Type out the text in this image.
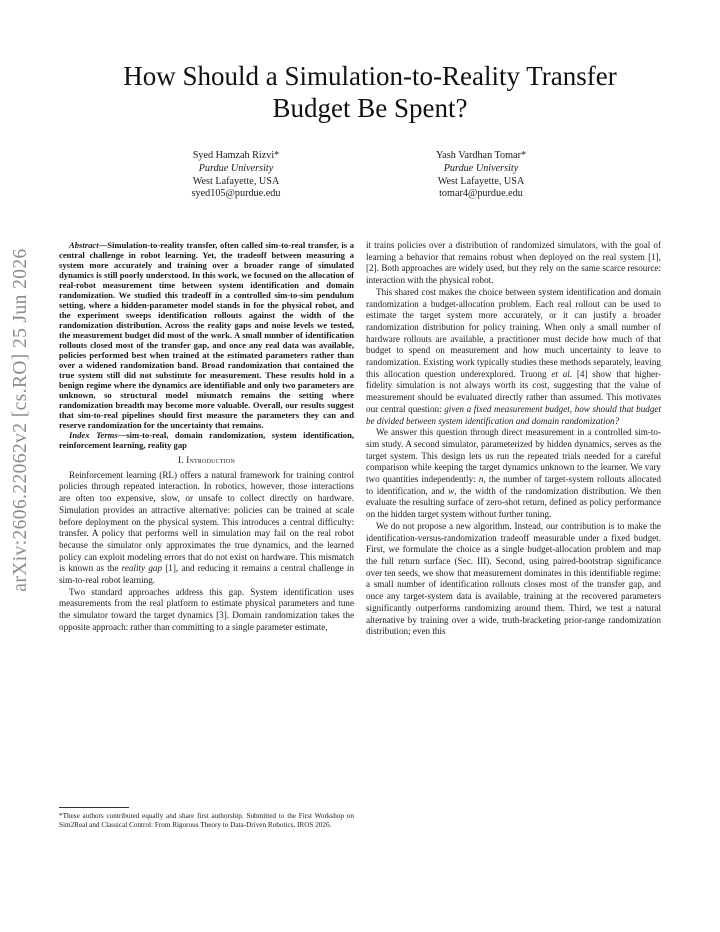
arXiv:2606.22062v2 [cs.RO] 25 Jun 2026
How Should a Simulation-to-Reality Transfer
Budget Be Spent?
Syed Hamzah Rizvi*
Purdue University
West Lafayette, USA
syed105@purdue.edu
Yash Vardhan Tomar*
Purdue University
West Lafayette, USA
tomar4@purdue.edu

Abstract—Simulation-to-reality transfer, often called sim-to-real transfer, is a central challenge in robot learning. Yet, the tradeoff between measuring a system more accurately and training over a broader range of simulated dynamics is still poorly understood. In this work, we focused on the allocation of real-robot measurement time between system identification and domain randomization. We studied this tradeoff in a controlled sim-to-sim pendulum setting, where a hidden-parameter model stands in for the physical robot, and the experiment sweeps identification rollouts against the width of the randomization distribution. Across the reality gaps and noise levels we tested, the measurement budget did most of the work. A small number of identification rollouts closed most of the transfer gap, and once any real data was available, policies performed best when trained at the estimated parameters rather than over a widened randomization band. Broad randomization that contained the true system still did not substitute for measurement. These results hold in a benign regime where the dynamics are identifiable and only two parameters are unknown, so structural model mismatch remains the setting where randomization breadth may become more valuable. Overall, our results suggest that sim-to-real pipelines should first measure the parameters they can and reserve randomization for the uncertainty that remains.

Index Terms—sim-to-real, domain randomization, system identification, reinforcement learning, reality gap

I. Introduction

Reinforcement learning (RL) offers a natural framework for training control policies through repeated interaction. In robotics, however, those interactions are often too expensive, slow, or unsafe to collect directly on hardware. Simulation provides an attractive alternative: policies can be trained at scale before deployment on the physical system. This introduces a central difficulty: transfer. A policy that performs well in simulation may fail on the real robot because the simulator only approximates the true dynamics, and the learned policy can exploit modeling errors that do not exist on hardware. This mismatch is known as the reality gap [1], and reducing it remains a central challenge in sim-to-real robot learning.

Two standard approaches address this gap. System identification uses measurements from the real platform to estimate physical parameters and tune the simulator toward the target dynamics [3]. Domain randomization takes the opposite approach: rather than committing to a single parameter estimate,

*These authors contributed equally and share first authorship. Submitted to the First Workshop on Sim2Real and Classical Control: From Rigorous Theory to Data-Driven Robotics, IROS 2026.

it trains policies over a distribution of randomized simulators, with the goal of learning a behavior that remains robust when deployed on the real system [1], [2]. Both approaches are widely used, but they rely on the same scarce resource: interaction with the physical robot.

This shared cost makes the choice between system identification and domain randomization a budget-allocation problem. Each real rollout can be used to estimate the target system more accurately, or it can justify a broader randomization distribution for policy training. When only a small number of hardware rollouts are available, a practitioner must decide how much of that budget to spend on measurement and how much uncertainty to leave to randomization. Existing work typically studies these methods separately, leaving this allocation question underexplored. Truong et al. [4] show that higher-fidelity simulation is not always worth its cost, suggesting that the value of measurement should be evaluated directly rather than assumed. This motivates our central question: given a fixed measurement budget, how should that budget be divided between system identification and domain randomization?

We answer this question through direct measurement in a controlled sim-to-sim study. A second simulator, parameterized by hidden dynamics, serves as the target system. This design lets us run the repeated trials needed for a careful comparison while keeping the target dynamics unknown to the learner. We vary two quantities independently: n, the number of target-system rollouts allocated to identification, and w, the width of the randomization distribution. We then evaluate the resulting surface of zero-shot return, defined as policy performance on the hidden target system without further tuning.

We do not propose a new algorithm. Instead, our contribution is to make the identification-versus-randomization tradeoff measurable under a fixed budget. First, we formulate the choice as a single budget-allocation problem and map the full return surface (Sec. III). Second, using paired-bootstrap significance over ten seeds, we show that measurement dominates in this identifiable regime: a small number of identification rollouts closes most of the transfer gap, and once any target-system data is available, training at the recovered parameters significantly outperforms randomizing around them. Third, we test a natural alternative by training over a wide, truth-bracketing prior-range randomization distribution; even this
